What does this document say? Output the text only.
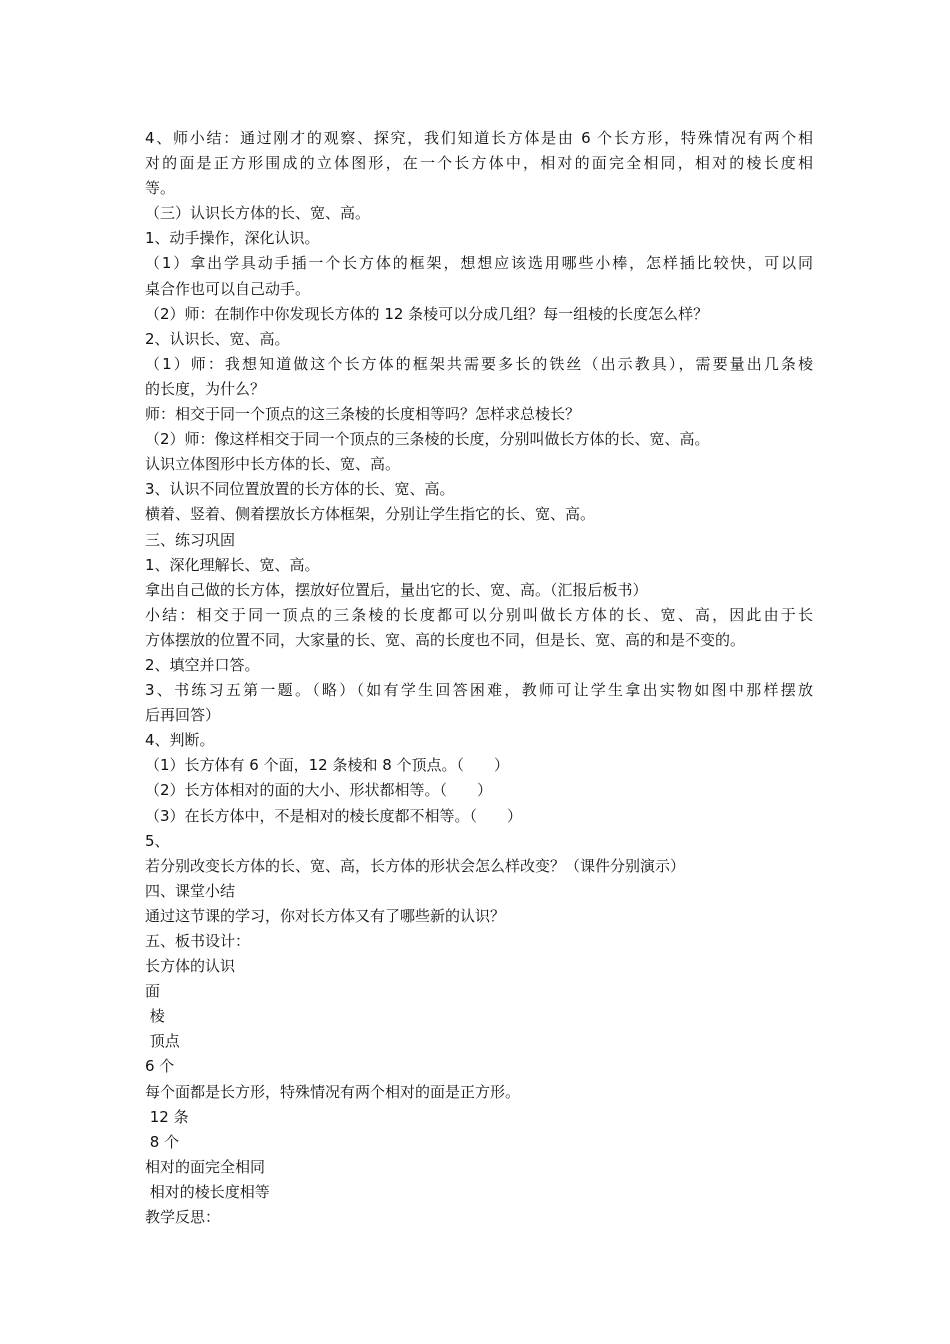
4、师小结：通过刚才的观察、探究，我们知道长方体是由 6 个长方形，特殊情况有两个相

对的面是正方形围成的立体图形，在一个长方体中，相对的面完全相同，相对的棱长度相

等。

（三）认识长方体的长、宽、高。

1、动手操作，深化认识。

（1）拿出学具动手插一个长方体的框架，想想应该选用哪些小棒，怎样插比较快，可以同

桌合作也可以自己动手。

（2）师：在制作中你发现长方体的 12 条棱可以分成几组？每一组棱的长度怎么样？

2、认识长、宽、高。

（1）师：我想知道做这个长方体的框架共需要多长的铁丝（出示教具），需要量出几条棱

的长度，为什么？

师：相交于同一个顶点的这三条棱的长度相等吗？怎样求总棱长？

（2）师：像这样相交于同一个顶点的三条棱的长度，分别叫做长方体的长、宽、高。

认识立体图形中长方体的长、宽、高。

3、认识不同位置放置的长方体的长、宽、高。

横着、竖着、侧着摆放长方体框架，分别让学生指它的长、宽、高。

三、练习巩固

1、深化理解长、宽、高。

拿出自己做的长方体，摆放好位置后，量出它的长、宽、高。（汇报后板书）

小结：相交于同一顶点的三条棱的长度都可以分别叫做长方体的长、宽、高，因此由于长

方体摆放的位置不同，大家量的长、宽、高的长度也不同，但是长、宽、高的和是不变的。

2、填空并口答。

3、书练习五第一题。（略）（如有学生回答困难，教师可让学生拿出实物如图中那样摆放

后再回答）

4、判断。

（1）长方体有 6 个面，12 条棱和 8 个顶点。（　　）

（2）长方体相对的面的大小、形状都相等。（　　）

（3）在长方体中，不是相对的棱长度都不相等。（　　）

5、

若分别改变长方体的长、宽、高，长方体的形状会怎么样改变？（课件分别演示）

四、课堂小结

通过这节课的学习，你对长方体又有了哪些新的认识？

五、板书设计：

长方体的认识

面

棱

顶点

6 个

每个面都是长方形，特殊情况有两个相对的面是正方形。

12 条

8 个

相对的面完全相同

相对的棱长度相等

教学反思：
